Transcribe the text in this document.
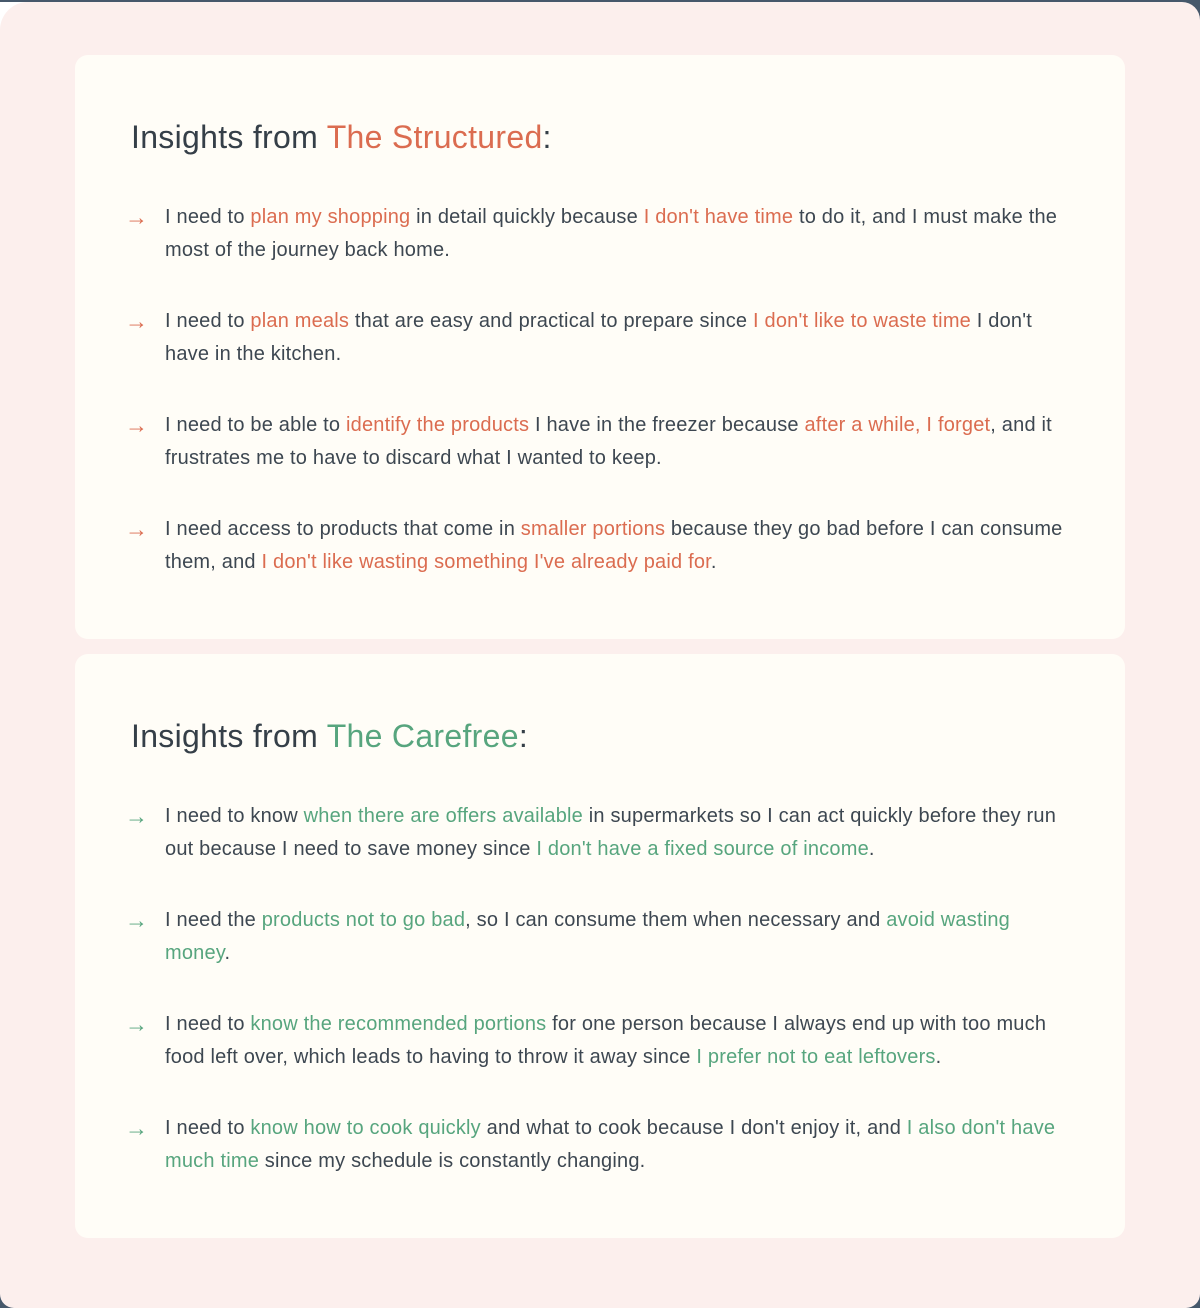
Insights from The Structured:
→ I need to plan my shopping in detail quickly because I don't have time to do it, and I must make the most of the journey back home.

→ I need to plan meals that are easy and practical to prepare since I don't like to waste time I don't have in the kitchen.

→ I need to be able to identify the products I have in the freezer because after a while, I forget, and it frustrates me to have to discard what I wanted to keep.

→ I need access to products that come in smaller portions because they go bad before I can consume them, and I don't like wasting something I've already paid for.

Insights from The Carefree:
→ I need to know when there are offers available in supermarkets so I can act quickly before they run out because I need to save money since I don't have a fixed source of income.

→ I need the products not to go bad, so I can consume them when necessary and avoid wasting money.

→ I need to know the recommended portions for one person because I always end up with too much food left over, which leads to having to throw it away since I prefer not to eat leftovers.

→ I need to know how to cook quickly and what to cook because I don't enjoy it, and I also don't have much time since my schedule is constantly changing.
